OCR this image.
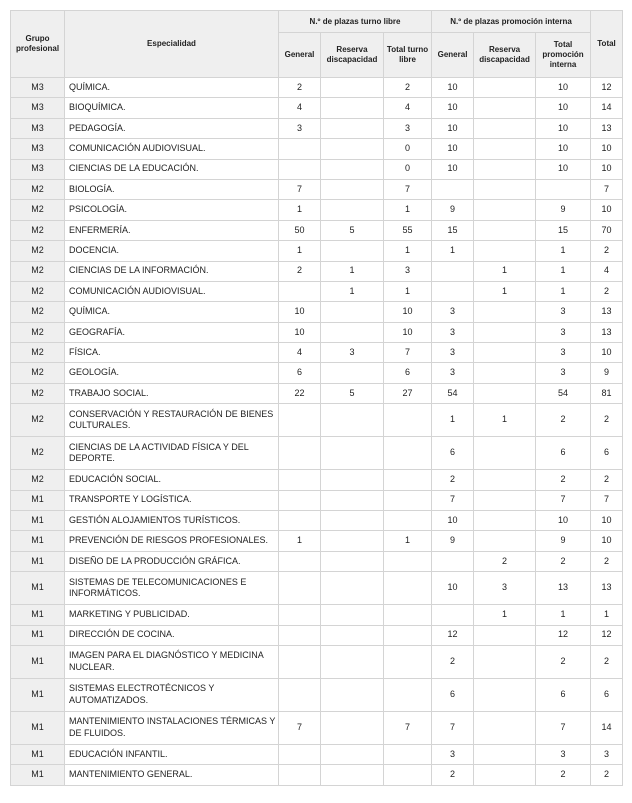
Grupo profesional	Especialidad	N.º de plazas turno libre			N.º de plazas promoción interna			Total
		General	Reserva discapacidad	Total turno libre	General	Reserva discapacidad	Total promoción interna	
M3	QUÍMICA.	2		2	10		10	12
M3	BIOQUÍMICA.	4		4	10		10	14
M3	PEDAGOGÍA.	3		3	10		10	13
M3	COMUNICACIÓN AUDIOVISUAL.			0	10		10	10
M3	CIENCIAS DE LA EDUCACIÓN.			0	10		10	10
M2	BIOLOGÍA.	7		7				7
M2	PSICOLOGÍA.	1		1	9		9	10
M2	ENFERMERÍA.	50	5	55	15		15	70
M2	DOCENCIA.	1		1	1		1	2
M2	CIENCIAS DE LA INFORMACIÓN.	2	1	3		1	1	4
M2	COMUNICACIÓN AUDIOVISUAL.		1	1		1	1	2
M2	QUÍMICA.	10		10	3		3	13
M2	GEOGRAFÍA.	10		10	3		3	13
M2	FÍSICA.	4	3	7	3		3	10
M2	GEOLOGÍA.	6		6	3		3	9
M2	TRABAJO SOCIAL.	22	5	27	54		54	81
M2	CONSERVACIÓN Y RESTAURACIÓN DE BIENES CULTURALES.				1	1	2	2
M2	CIENCIAS DE LA ACTIVIDAD FÍSICA Y DEL DEPORTE.				6		6	6
M2	EDUCACIÓN SOCIAL.				2		2	2
M1	TRANSPORTE Y LOGÍSTICA.				7		7	7
M1	GESTIÓN ALOJAMIENTOS TURÍSTICOS.				10		10	10
M1	PREVENCIÓN DE RIESGOS PROFESIONALES.	1		1	9		9	10
M1	DISEÑO DE LA PRODUCCIÓN GRÁFICA.					2	2	2
M1	SISTEMAS DE TELECOMUNICACIONES E INFORMÁTICOS.				10	3	13	13
M1	MARKETING Y PUBLICIDAD.					1	1	1
M1	DIRECCIÓN DE COCINA.				12		12	12
M1	IMAGEN PARA EL DIAGNÓSTICO Y MEDICINA NUCLEAR.				2		2	2
M1	SISTEMAS ELECTROTÉCNICOS Y AUTOMATIZADOS.				6		6	6
M1	MANTENIMIENTO INSTALACIONES TÉRMICAS Y DE FLUIDOS.	7		7	7		7	14
M1	EDUCACIÓN INFANTIL.				3		3	3
M1	MANTENIMIENTO GENERAL.				2		2	2
